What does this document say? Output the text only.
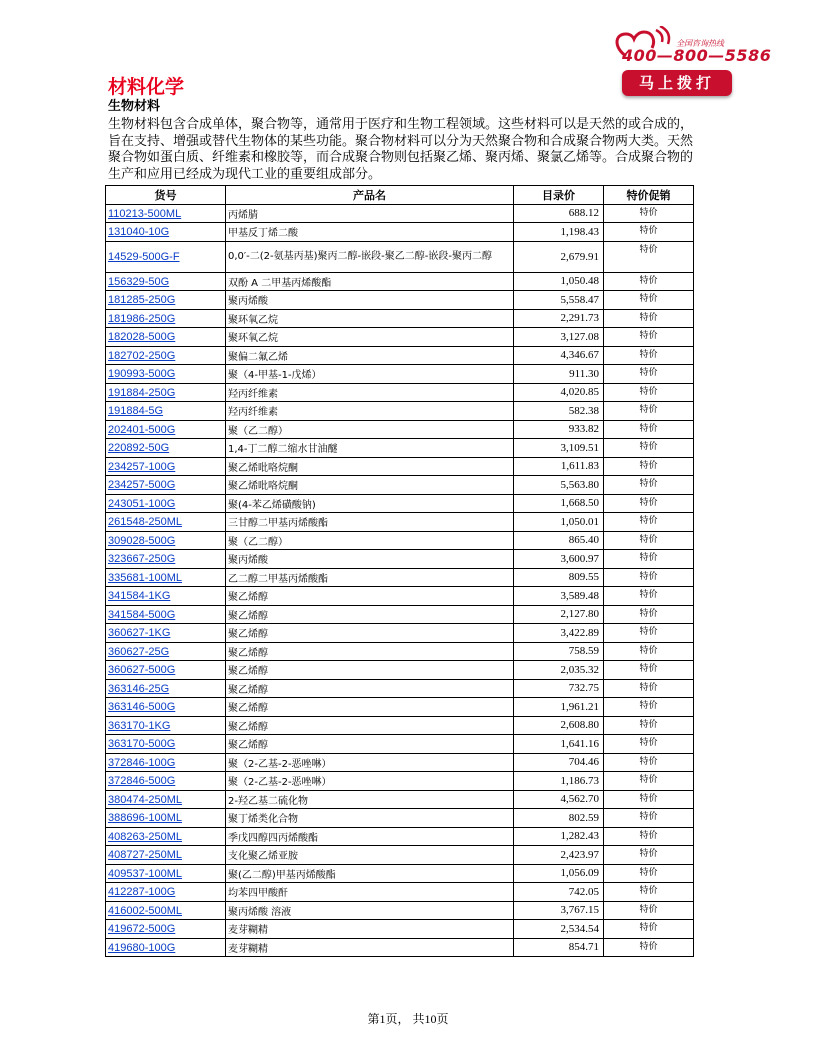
全国咨询热线
400—800—5586
马上拨打
材料化学
生物材料

生物材料包含合成单体，聚合物等，通常用于医疗和生物工程领域。这些材料可以是天然的或合成的，旨在支持、增强或替代生物体的某些功能。聚合物材料可以分为天然聚合物和合成聚合物两大类。天然聚合物如蛋白质、纤维素和橡胶等，而合成聚合物则包括聚乙烯、聚丙烯、聚氯乙烯等。合成聚合物的生产和应用已经成为现代工业的重要组成部分。

货号	产品名	目录价	特价促销
110213-500ML	丙烯腈	688.12	特价
131040-10G	甲基反丁烯二酸	1,198.43	特价
14529-500G-F	0,0′-二(2-氨基丙基)聚丙二醇-嵌段-聚乙二醇-嵌段-聚丙二醇	2,679.91	特价
156329-50G	双酚 A 二甲基丙烯酸酯	1,050.48	特价
181285-250G	聚丙烯酸	5,558.47	特价
181986-250G	聚环氧乙烷	2,291.73	特价
182028-500G	聚环氧乙烷	3,127.08	特价
182702-250G	聚偏二氟乙烯	4,346.67	特价
190993-500G	聚（4-甲基-1-戊烯）	911.30	特价
191884-250G	羟丙纤维素	4,020.85	特价
191884-5G	羟丙纤维素	582.38	特价
202401-500G	聚（乙二醇）	933.82	特价
220892-50G	1,4-丁二醇二缩水甘油醚	3,109.51	特价
234257-100G	聚乙烯吡咯烷酮	1,611.83	特价
234257-500G	聚乙烯吡咯烷酮	5,563.80	特价
243051-100G	聚(4-苯乙烯磺酸钠)	1,668.50	特价
261548-250ML	三甘醇二甲基丙烯酸酯	1,050.01	特价
309028-500G	聚（乙二醇）	865.40	特价
323667-250G	聚丙烯酸	3,600.97	特价
335681-100ML	乙二醇二甲基丙烯酸酯	809.55	特价
341584-1KG	聚乙烯醇	3,589.48	特价
341584-500G	聚乙烯醇	2,127.80	特价
360627-1KG	聚乙烯醇	3,422.89	特价
360627-25G	聚乙烯醇	758.59	特价
360627-500G	聚乙烯醇	2,035.32	特价
363146-25G	聚乙烯醇	732.75	特价
363146-500G	聚乙烯醇	1,961.21	特价
363170-1KG	聚乙烯醇	2,608.80	特价
363170-500G	聚乙烯醇	1,641.16	特价
372846-100G	聚（2-乙基-2-恶唑啉）	704.46	特价
372846-500G	聚（2-乙基-2-恶唑啉）	1,186.73	特价
380474-250ML	2-羟乙基二硫化物	4,562.70	特价
388696-100ML	聚丁烯类化合物	802.59	特价
408263-250ML	季戊四醇四丙烯酸酯	1,282.43	特价
408727-250ML	支化聚乙烯亚胺	2,423.97	特价
409537-100ML	聚(乙二醇)甲基丙烯酸酯	1,056.09	特价
412287-100G	均苯四甲酸酐	742.05	特价
416002-500ML	聚丙烯酸 溶液	3,767.15	特价
419672-500G	麦芽糊精	2,534.54	特价
419680-100G	麦芽糊精	854.71	特价
第1页， 共10页
